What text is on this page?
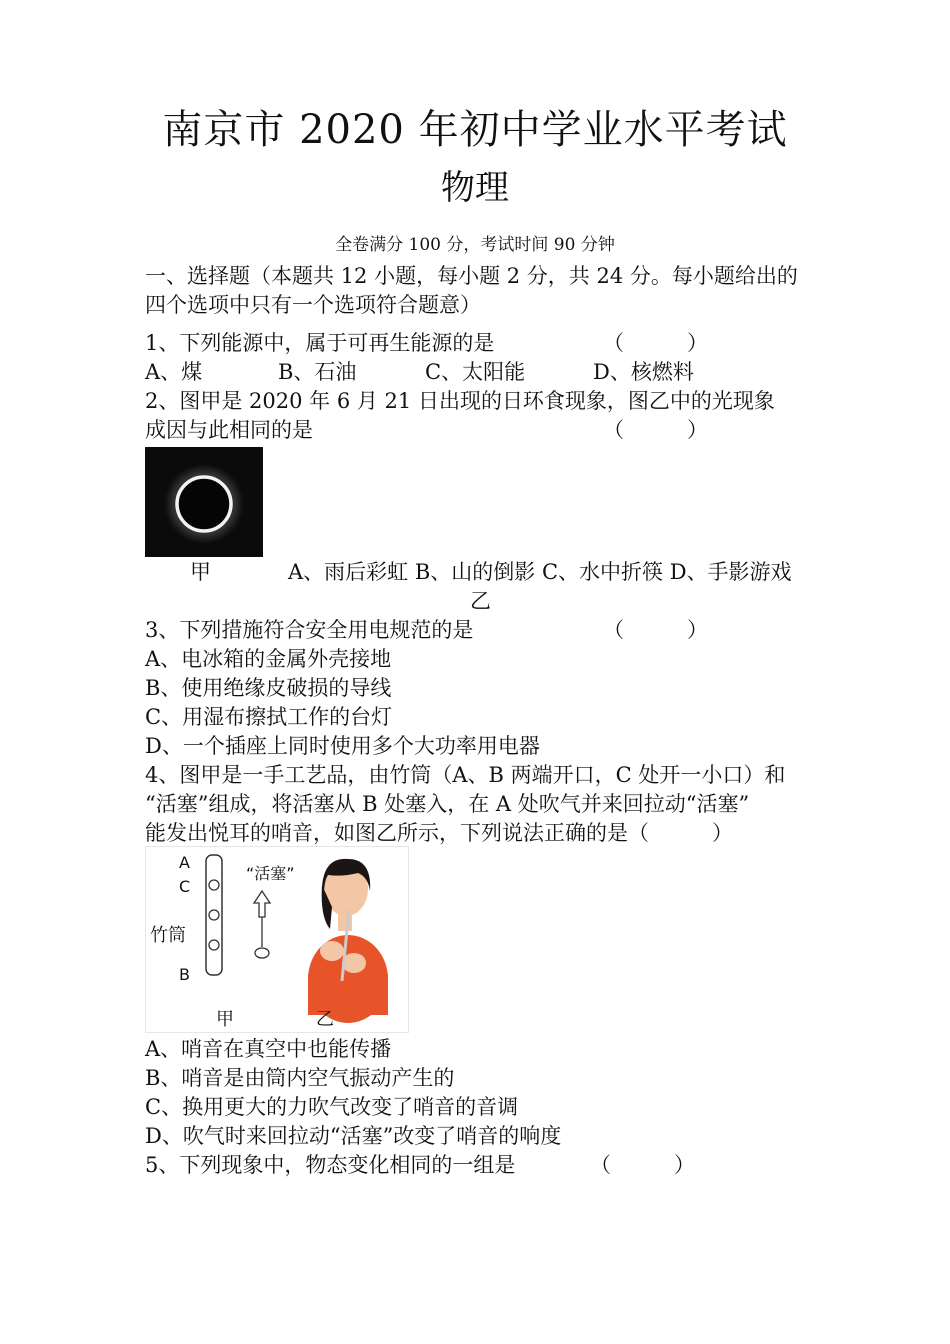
南京市 2020 年初中学业水平考试
物理
全卷满分 100 分，考试时间 90 分钟
一、选择题（本题共 12 小题，每小题 2 分，共 24 分。每小题给出的
四个选项中只有一个选项符合题意）
1、下列能源中，属于可再生能源的是	（　　　）
A、煤	B、石油	C、太阳能	D、核燃料
2、图甲是 2020 年 6 月 21 日出现的日环食现象，图乙中的光现象
成因与此相同的是	（　　　）
甲	A、雨后彩虹 B、山的倒影 C、水中折筷 D、手影游戏
乙
3、下列措施符合安全用电规范的是	（　　　）
A、电冰箱的金属外壳接地
B、使用绝缘皮破损的导线
C、用湿布擦拭工作的台灯
D、一个插座上同时使用多个大功率用电器
4、图甲是一手工艺品，由竹筒（A、B 两端开口，C 处开一小口）和
“活塞”组成，将活塞从 B 处塞入，在 A 处吹气并来回拉动“活塞”
能发出悦耳的哨音，如图乙所示，下列说法正确的是（　　　）
A
C
竹筒
B
“活塞”
甲	乙
A、哨音在真空中也能传播
B、哨音是由筒内空气振动产生的
C、换用更大的力吹气改变了哨音的音调
D、吹气时来回拉动“活塞”改变了哨音的响度
5、下列现象中，物态变化相同的一组是	（　　　）
